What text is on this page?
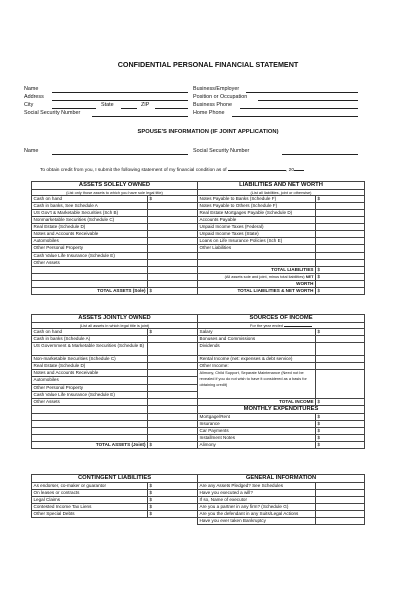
CONFIDENTIAL PERSONAL FINANCIAL STATEMENT
Name
Address
City	State	ZIP
Social Security Number
Business/Employer
Position or Occupation
Business Phone
Home Phone
SPOUSE'S INFORMATION (IF JOINT APPLICATION)
Name	Social Security Number
To obtain credit from you, I submit the following statement of my financial condition as of	, 20
ASSETS SOLELY OWNED		LIABILITIES AND NET WORTH	
(List only those assets to which you have sole legal title)		(List all liabilities, joint or otherwise)	
Cash on hand	$	Notes Payable to Banks (Schedule F)	$
Cash in banks, See Schedule A		Notes Payable to Others (Schedule F)	
US Gov't & Marketable Securities (Sch B)		Real Estate Mortgages Payable (Schedule D)	
Nonmarketable Securities (Schedule C)		Accounts Payable	
Real Estate (Schedule D)		Unpaid Income Taxes (Federal)	
Notes and Accounts Receivable		Unpaid Income Taxes (State)	
Automobiles		Loans on Life Insurance Policies (Sch E)	
Other Personal Property		Other Liabilities	
Cash Value Life Insurance (Schedule E)			
Other Assets			
		TOTAL LIABILITIES	$
		(All assets sole and joint, minus total liabilities) NET	$
		WORTH	
TOTAL ASSETS (Sole)	$	TOTAL LIABILITIES & NET WORTH	$
ASSETS JOINTLY OWNED		SOURCES OF INCOME	
(List all assets in which legal title is joint)		For the year ended	
Cash on hand	$	Salary	$
Cash in banks (Schedule A)		Bonuses and Commissions	
US Government & Marketable Securities (Schedule B)		Dividends	
Non-marketable Securities (Schedule C)		Rental Income (net: expenses & debt service)	
Real Estate (Schedule D)		Other Income:	
Notes and Accounts Receivable		Alimony, Child Support, Separate Maintenance (Need not be revealed if you do not wish to have it considered as a basis for obtaining credit)	
Automobiles			
Other Personal Property			
Cash Value Life Insurance (Schedule E)			
Other Assets		TOTAL INCOME	$
		MONTHLY EXPENDITURES	
		Mortgage/Rent	$
		Insurance	$
		Car Payments	$
		Installment Notes	$
TOTAL ASSETS (Joint)	$	Alimony	$
CONTINGENT LIABILITIES		GENERAL INFORMATION	
As endorser, co-maker or guarantor	$	Are any Assets Pledged? See Schedules	
On leases or contracts	$	Have you executed a will?	
Legal Claims	$	If so, Name of executor	
Contested Income Tax Liens	$	Are you a partner in any firm? (Schedule G)	
Other Special Debts	$	Are you the defendant in any Suits/Legal Actions	
		Have you ever taken Bankruptcy	
